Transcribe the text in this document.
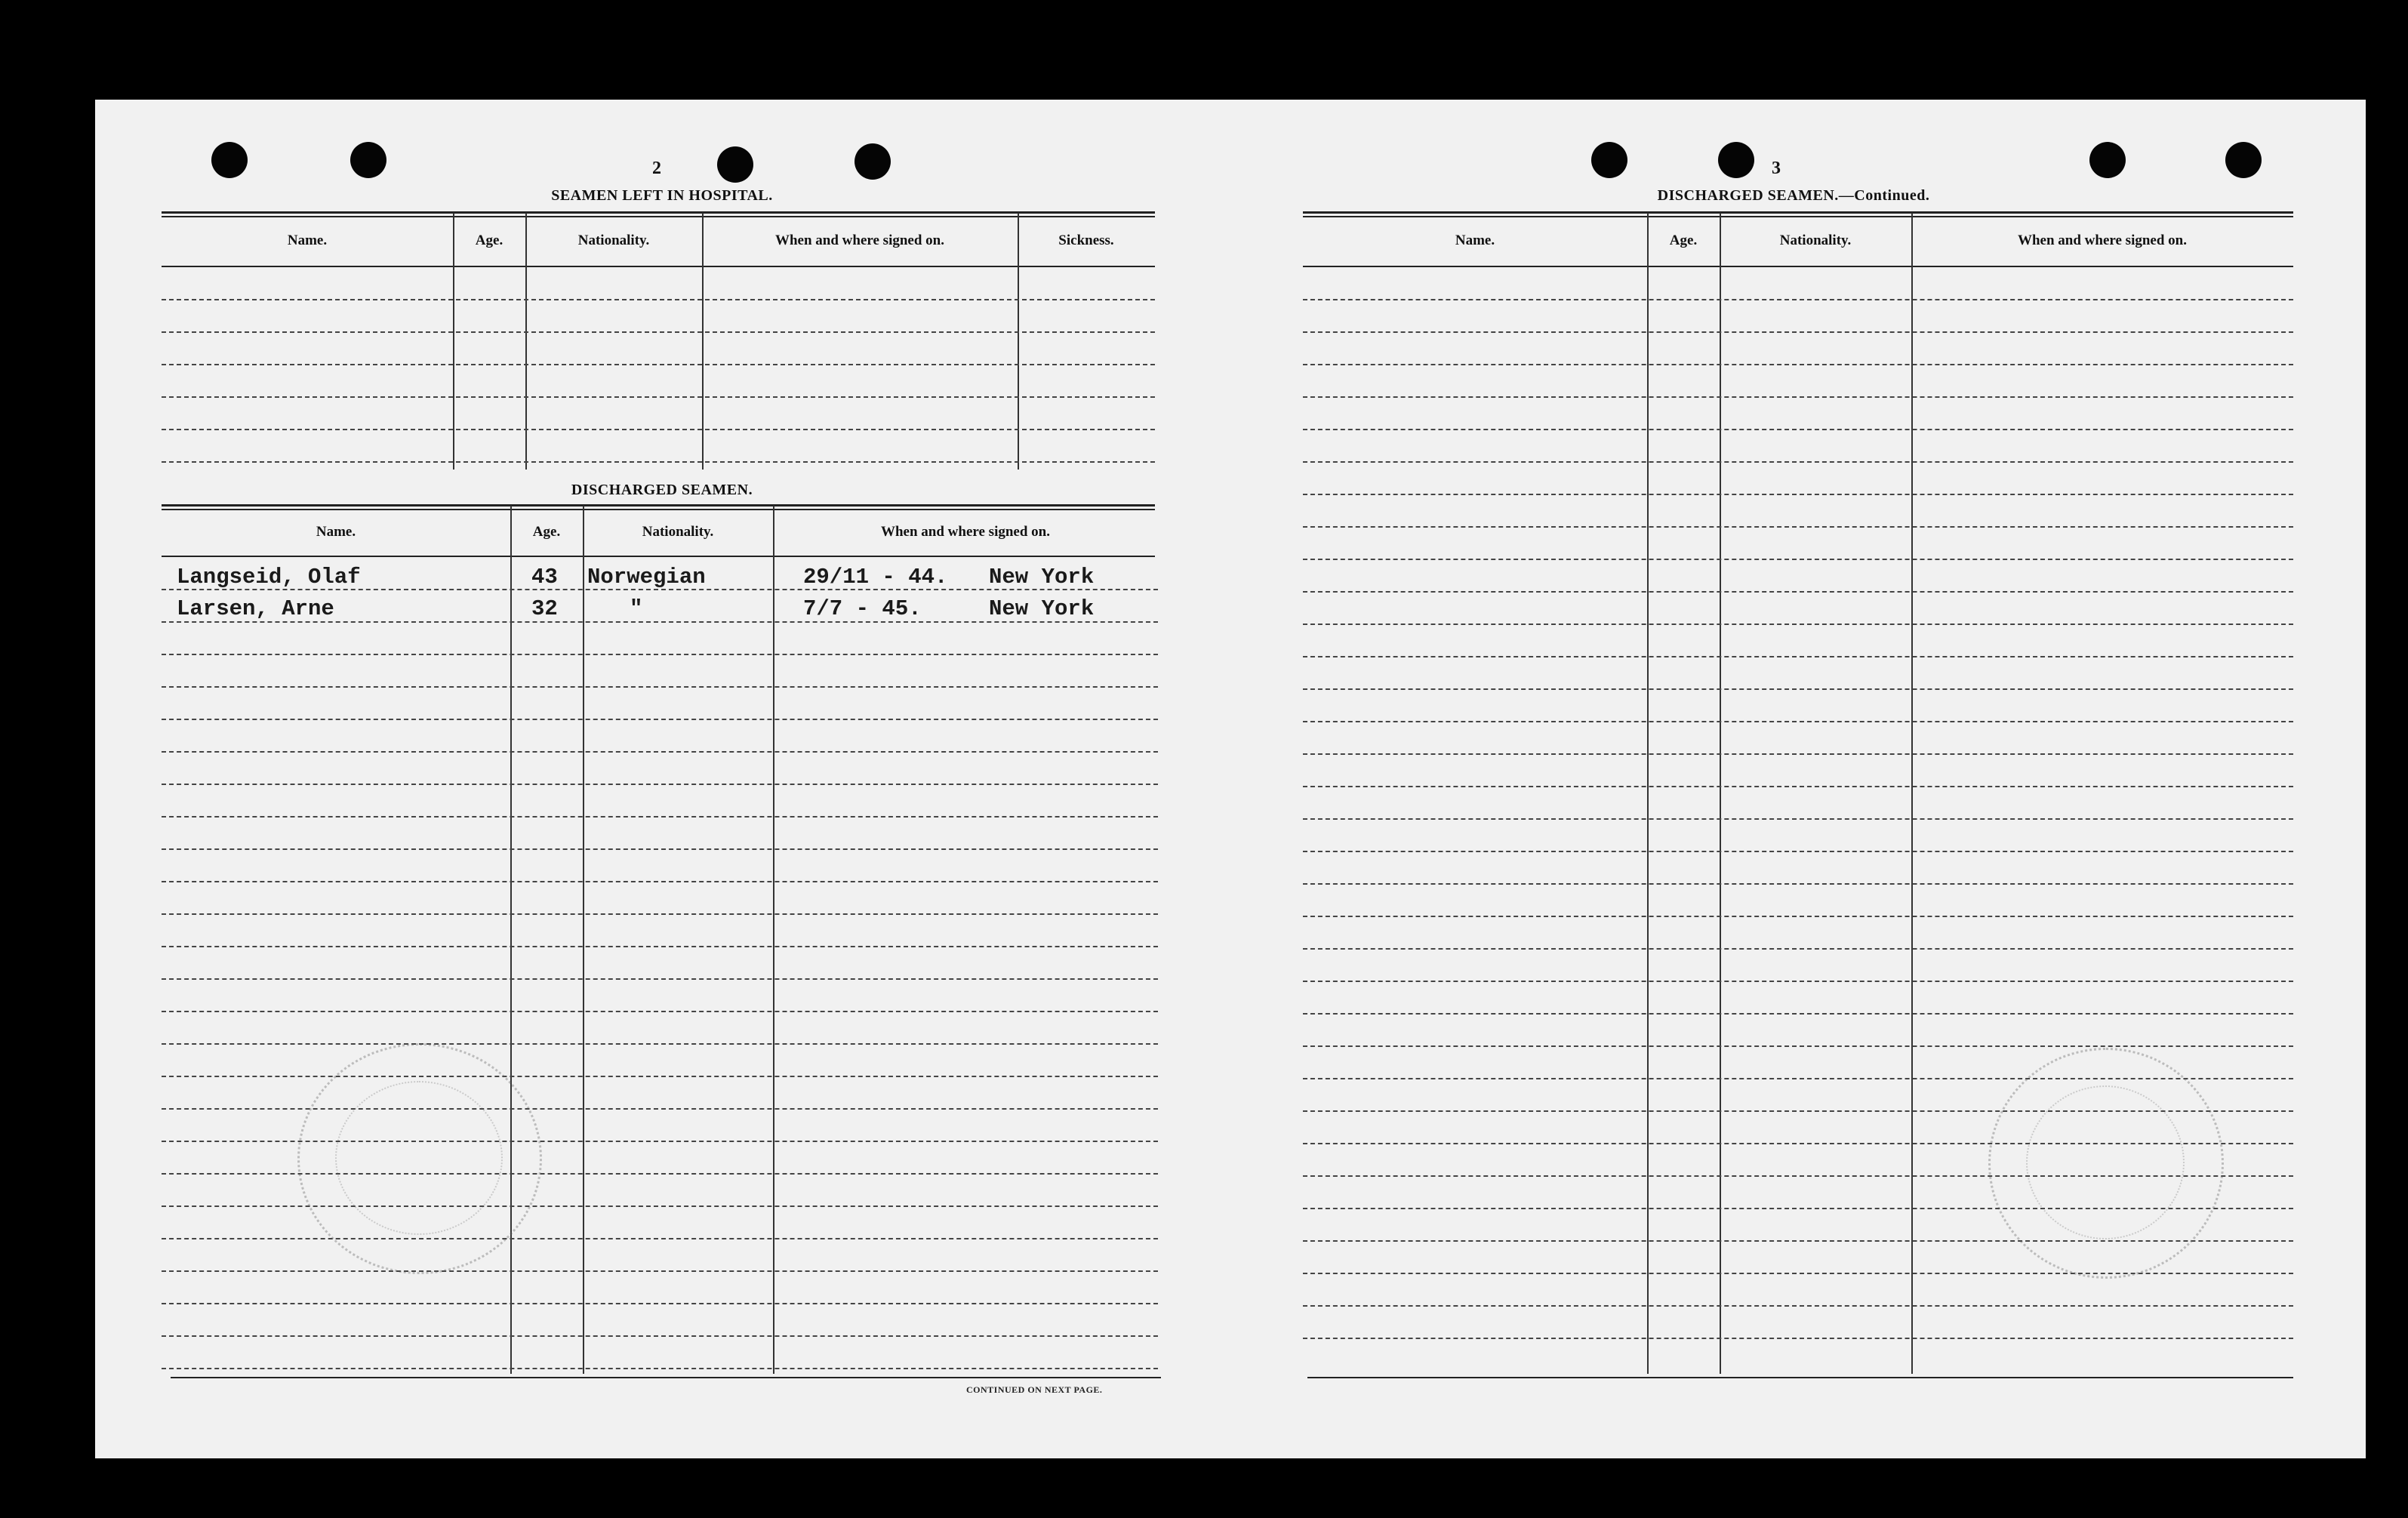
2
SEAMEN LEFT IN HOSPITAL.
Name.	Age.	Nationality.	When and where signed on.	Sickness.
DISCHARGED SEAMEN.
Name.	Age.	Nationality.	When and where signed on.
Langseid, Olaf	43 Norwegian	29/11 - 44. New York
Larsen, Arne	32	"	7/7 - 45.	New York
CONTINUED ON NEXT PAGE.
3
DISCHARGED SEAMEN.—Continued.
Name.	Age.	Nationality.	When and where signed on.
